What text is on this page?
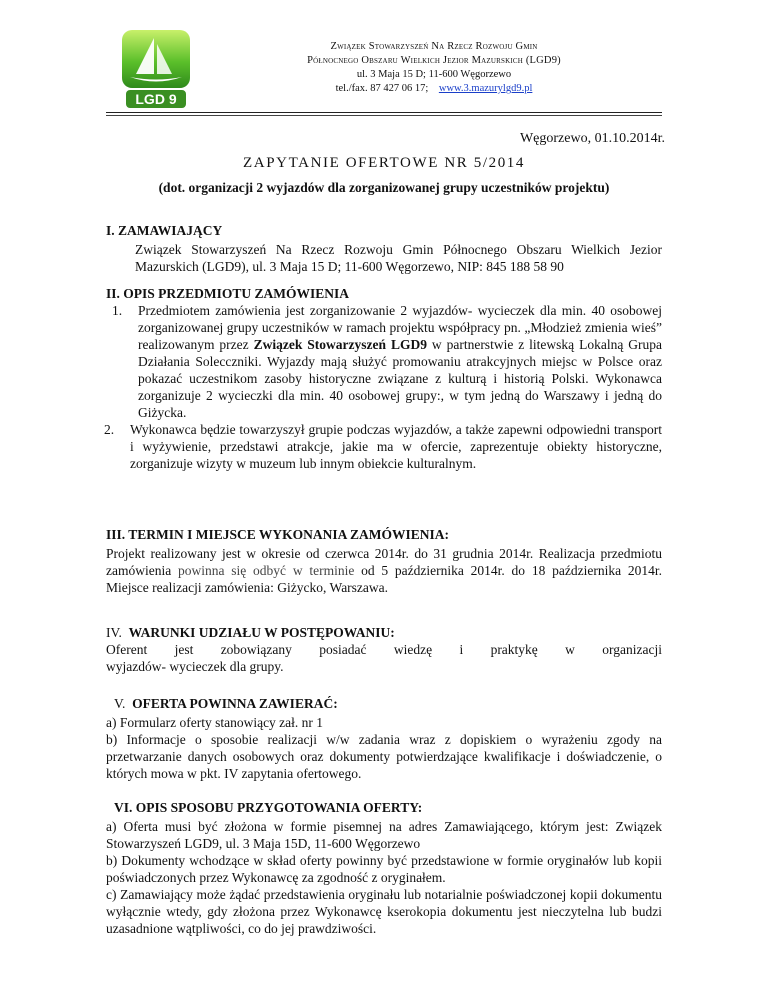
LGD 9
Związek Stowarzyszeń Na Rzecz Rozwoju Gmin
Północnego Obszaru Wielkich Jezior Mazurskich (LGD9)
ul. 3 Maja 15 D; 11-600 Węgorzewo
tel./fax. 87 427 06 17; www.3.mazurylgd9.pl
Węgorzewo, 01.10.2014r.
ZAPYTANIE OFERTOWE NR 5/2014
(dot. organizacji 2 wyjazdów dla zorganizowanej grupy uczestników projektu)
I. ZAMAWIAJĄCY

Związek Stowarzyszeń Na Rzecz Rozwoju Gmin Północnego Obszaru Wielkich Jezior Mazurskich (LGD9), ul. 3 Maja 15 D; 11-600 Węgorzewo, NIP: 845 188 58 90

II. OPIS PRZEDMIOTU ZAMÓWIENIA
1. Przedmiotem zamówienia jest zorganizowanie 2 wyjazdów- wycieczek dla min. 40 osobowej zorganizowanej grupy uczestników w ramach projektu współpracy pn. „Młodzież zmienia wieś” realizowanym przez Związek Stowarzyszeń LGD9 w partnerstwie z litewską Lokalną Grupa Działania Solecczniki. Wyjazdy mają służyć promowaniu atrakcyjnych miejsc w Polsce oraz pokazać uczestnikom zasoby historyczne związane z kulturą i historią Polski. Wykonawca zorganizuje 2 wycieczki dla min. 40 osobowej grupy:, w tym jedną do Warszawy i jedną do Giżycka.
2. Wykonawca będzie towarzyszył grupie podczas wyjazdów, a także zapewni odpowiedni transport i wyżywienie, przedstawi atrakcje, jakie ma w ofercie, zaprezentuje obiekty historyczne, zorganizuje wizyty w muzeum lub innym obiekcie kulturalnym.
III. TERMIN I MIEJSCE WYKONANIA ZAMÓWIENIA:

Projekt realizowany jest w okresie od czerwca 2014r. do 31 grudnia 2014r. Realizacja przedmiotu zamówienia powinna się odbyć w terminie od 5 października 2014r. do 18 października 2014r. Miejsce realizacji zamówienia: Giżycko, Warszawa.

IV. WARUNKI UDZIAŁU W POSTĘPOWANIU:

Oferent jest zobowiązany posiadać wiedzę i praktykę w organizacji

wyjazdów- wycieczek dla grupy.

V. OFERTA POWINNA ZAWIERAĆ:

a) Formularz oferty stanowiący zał. nr 1

b) Informacje o sposobie realizacji w/w zadania wraz z dopiskiem o wyrażeniu zgody na przetwarzanie danych osobowych oraz dokumenty potwierdzające kwalifikacje i doświadczenie, o których mowa w pkt. IV zapytania ofertowego.

VI. OPIS SPOSOBU PRZYGOTOWANIA OFERTY:

a) Oferta musi być złożona w formie pisemnej na adres Zamawiającego, którym jest: Związek Stowarzyszeń LGD9, ul. 3 Maja 15D, 11-600 Węgorzewo

b) Dokumenty wchodzące w skład oferty powinny być przedstawione w formie oryginałów lub kopii poświadczonych przez Wykonawcę za zgodność z oryginałem.

c) Zamawiający może żądać przedstawienia oryginału lub notarialnie poświadczonej kopii dokumentu wyłącznie wtedy, gdy złożona przez Wykonawcę kserokopia dokumentu jest nieczytelna lub budzi uzasadnione wątpliwości, co do jej prawdziwości.
